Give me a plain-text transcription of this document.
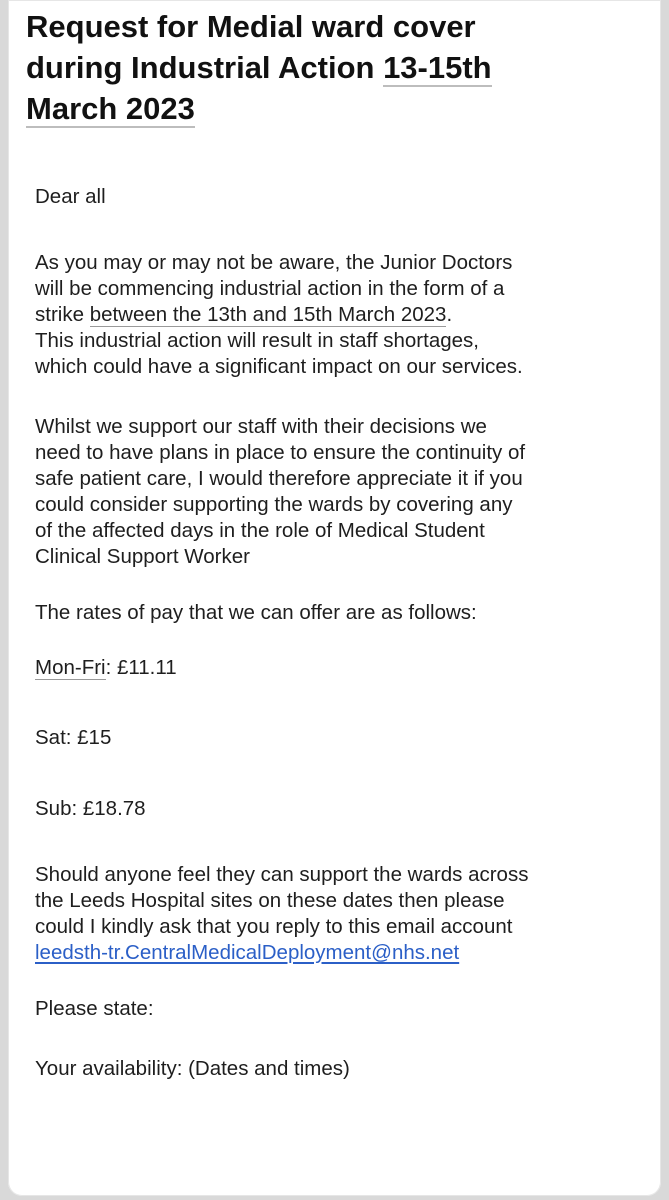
Request for Medial ward cover
during Industrial Action 13-15th
March 2023

Dear all

As you may or may not be aware, the Junior Doctors
will be commencing industrial action in the form of a
strike between the 13th and 15th March 2023.
This industrial action will result in staff shortages,
which could have a significant impact on our services.

Whilst we support our staff with their decisions we
need to have plans in place to ensure the continuity of
safe patient care, I would therefore appreciate it if you
could consider supporting the wards by covering any
of the affected days in the role of Medical Student
Clinical Support Worker

The rates of pay that we can offer are as follows:

Mon-Fri: £11.11

Sat: £15

Sub: £18.78

Should anyone feel they can support the wards across
the Leeds Hospital sites on these dates then please
could I kindly ask that you reply to this email account
leedsth-tr.CentralMedicalDeployment@nhs.net

Please state:

Your availability: (Dates and times)
